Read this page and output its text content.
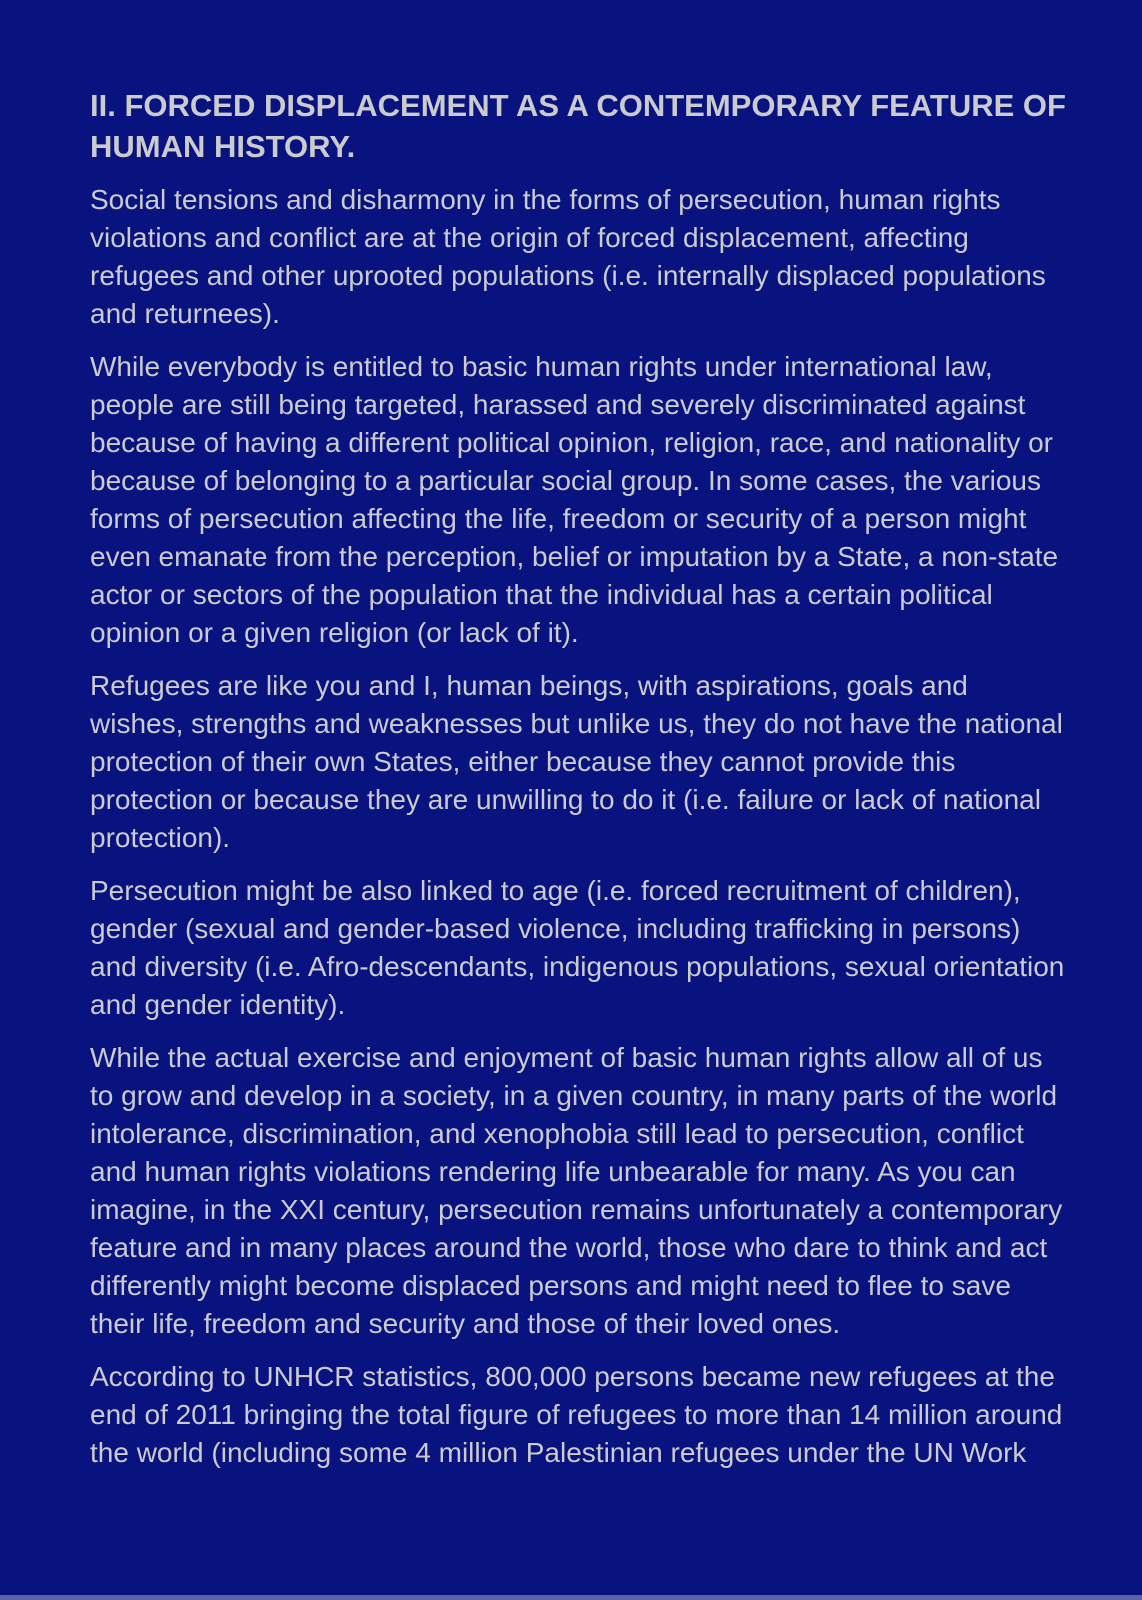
II. FORCED DISPLACEMENT AS A CONTEMPORARY FEATURE OF
HUMAN HISTORY.
Social tensions and disharmony in the forms of persecution, human rights
violations and conflict are at the origin of forced displacement, affecting
refugees and other uprooted populations (i.e. internally displaced populations
and returnees).
While everybody is entitled to basic human rights under international law,
people are still being targeted, harassed and severely discriminated against
because of having a different political opinion, religion, race, and nationality or
because of belonging to a particular social group. In some cases, the various
forms of persecution affecting the life, freedom or security of a person might
even emanate from the perception, belief or imputation by a State, a non-state
actor or sectors of the population that the individual has a certain political
opinion or a given religion (or lack of it).
Refugees are like you and I, human beings, with aspirations, goals and
wishes, strengths and weaknesses but unlike us, they do not have the national
protection of their own States, either because they cannot provide this
protection or because they are unwilling to do it (i.e. failure or lack of national
protection).
Persecution might be also linked to age (i.e. forced recruitment of children),
gender (sexual and gender-based violence, including trafficking in persons)
and diversity (i.e. Afro-descendants, indigenous populations, sexual orientation
and gender identity).
While the actual exercise and enjoyment of basic human rights allow all of us
to grow and develop in a society, in a given country, in many parts of the world
intolerance, discrimination, and xenophobia still lead to persecution, conflict
and human rights violations rendering life unbearable for many. As you can
imagine, in the XXI century, persecution remains unfortunately a contemporary
feature and in many places around the world, those who dare to think and act
differently might become displaced persons and might need to flee to save
their life, freedom and security and those of their loved ones.
According to UNHCR statistics, 800,000 persons became new refugees at the
end of 2011 bringing the total figure of refugees to more than 14 million around
the world (including some 4 million Palestinian refugees under the UN Work
